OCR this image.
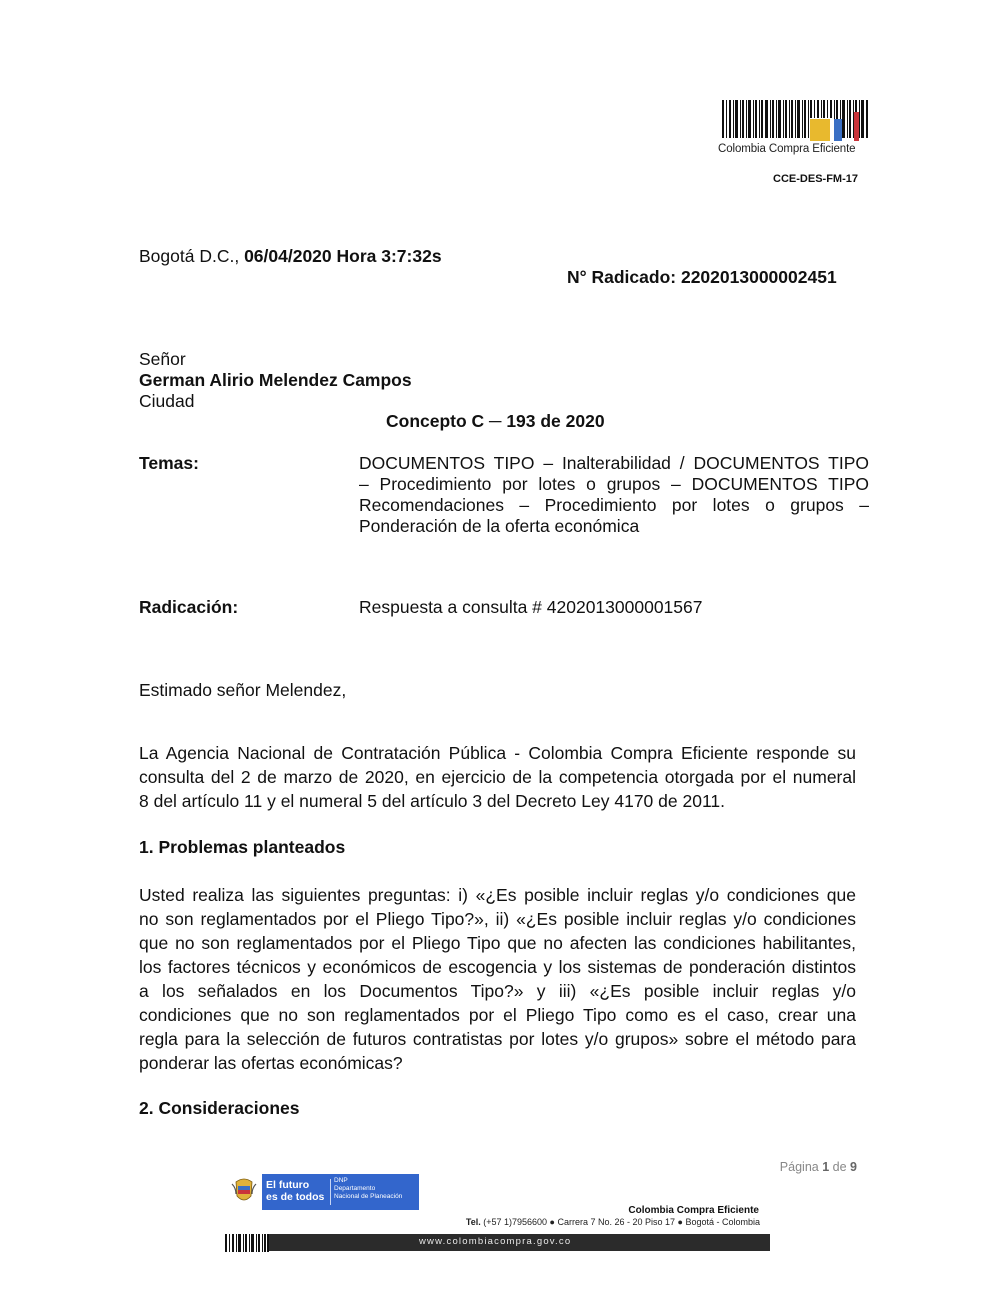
Colombia Compra Eficiente
CCE-DES-FM-17
Bogotá D.C., 06/04/2020 Hora 3:7:32s
N° Radicado: 2202013000002451
Señor
German Alirio Melendez Campos
Ciudad
Concepto C ─ 193 de 2020
Temas:	DOCUMENTOS TIPO – Inalterabilidad / DOCUMENTOS TIPO
– Procedimiento por lotes o grupos – DOCUMENTOS TIPO
Recomendaciones – Procedimiento por lotes o grupos –
Ponderación de la oferta económica
Radicación:	Respuesta a consulta # 4202013000001567
Estimado señor Melendez,
La Agencia Nacional de Contratación Pública - Colombia Compra Eficiente responde su
consulta del 2 de marzo de 2020, en ejercicio de la competencia otorgada por el numeral
8 del artículo 11 y el numeral 5 del artículo 3 del Decreto Ley 4170 de 2011.
1. Problemas planteados
Usted realiza las siguientes preguntas: i) «¿Es posible incluir reglas y/o condiciones que
no son reglamentados por el Pliego Tipo?», ii) «¿Es posible incluir reglas y/o condiciones
que no son reglamentados por el Pliego Tipo que no afecten las condiciones habilitantes,
los factores técnicos y económicos de escogencia y los sistemas de ponderación distintos
a los señalados en los Documentos Tipo?» y iii) «¿Es posible incluir reglas y/o
condiciones que no son reglamentados por el Pliego Tipo como es el caso, crear una
regla para la selección de futuros contratistas por lotes y/o grupos» sobre el método para
ponderar las ofertas económicas?
2. Consideraciones
Página 1 de 9
El futuro
es de todos
DNP
Departamento
Nacional de Planeación
Colombia Compra Eficiente
Tel. (+57 1)7956600 ● Carrera 7 No. 26 - 20 Piso 17 ● Bogotá - Colombia
www.colombiacompra.gov.co
